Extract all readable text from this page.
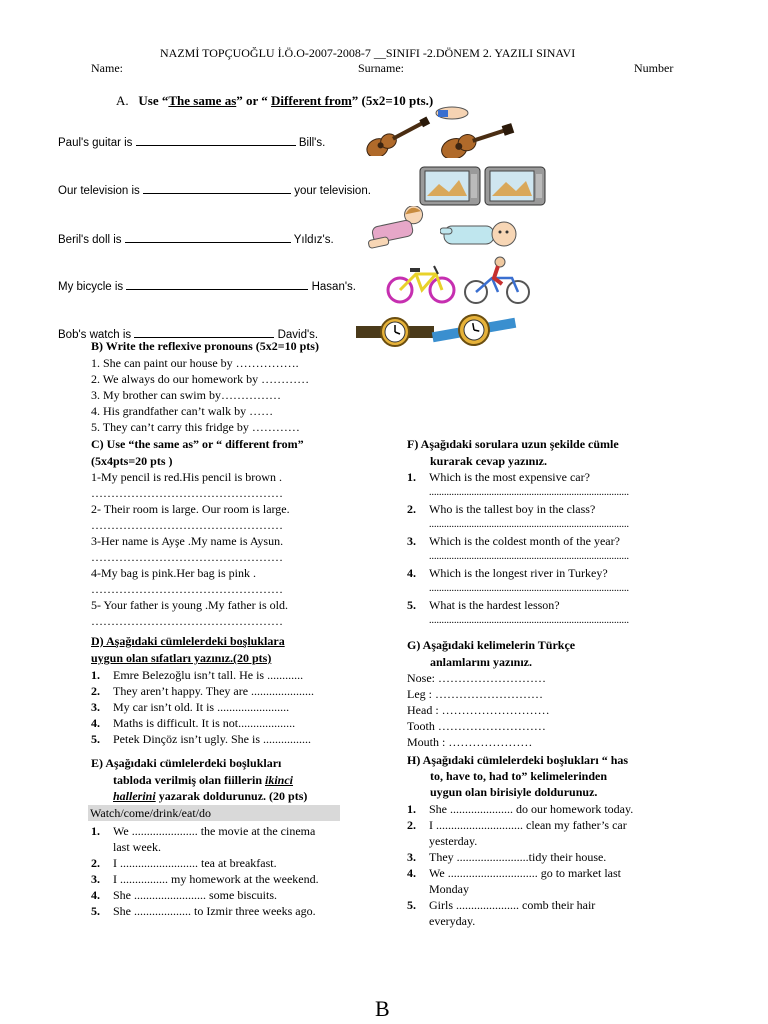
NAZMİ TOPÇUOĞLU İ.Ö.O-2007-2008-7 __SINIFI -2.DÖNEM 2. YAZILI SINAVI
Name:	Surname:	Number
A. Use “The same as” or “ Different from” (5x2=10 pts.)
Paul's guitar is	Bill's.
Our television is	your television.
Beril's doll is	Yıldız's.
My bicycle is	Hasan's.
Bob's watch is	David's.
B) Write the reflexive pronouns (5x2=10 pts)
1. She can paint our house by …………….
2. We always do our homework by …………
3. My brother can swim by……………
4. His grandfather can’t walk by ……
5. They can’t carry this fridge by …………
C) Use “the same as” or “ different from”
(5x4pts=20 pts )
1-My pencil is red.His pencil is brown .
…………………………………………
2- Their room is large. Our room is large.
…………………………………………
3-Her name is Ayşe .My name is Aysun.
…………………………………………
4-My bag is pink.Her bag is pink .
…………………………………………
5- Your father is young .My father is old.
…………………………………………
D) Aşağıdaki cümlelerdeki boşluklara
uygun olan sıfatları yazınız.(20 pts)
1. Emre Belezoğlu isn’t tall. He is ............
2. They aren’t happy. They are .....................
3. My car isn’t old. It is ........................
4. Maths is difficult. It is not...................
5. Petek Dinçöz isn’t ugly. She is ................
E) Aşağıdaki cümlelerdeki boşlukları
tabloda verilmiş olan fiillerin ikinci
hallerini yazarak doldurunuz. (20 pts)
Watch/come/drink/eat/do
1. We ...................... the movie at the cinema
last week.
2. I .......................... tea at breakfast.
3. I ................ my homework at the weekend.
4. She ........................ some biscuits.
5. She ................... to Izmir three weeks ago.
F) Aşağıdaki sorulara uzun şekilde cümle
kurarak cevap yazınız.
1. Which is the most expensive car?
................................................................................
2. Who is the tallest boy in the class?
................................................................................
3. Which is the coldest month of the year?
................................................................................
4. Which is the longest river in Turkey?
................................................................................
5. What is the hardest lesson?
................................................................................
G) Aşağıdaki kelimelerin Türkçe
anlamlarını yazınız.
Nose: ………………………
Leg : ………………………
Head : ………………………
Tooth ………………………
Mouth : …………………
H) Aşağıdaki cümlelerdeki boşlukları “ has
to, have to, had to” kelimelerinden
uygun olan birisiyle doldurunuz.
1. She ..................... do our homework today.
2. I ............................. clean my father’s car
yesterday.
3. They ........................tidy their house.
4. We .............................. go to market last
Monday
5. Girls ..................... comb their hair
everyday.
B
